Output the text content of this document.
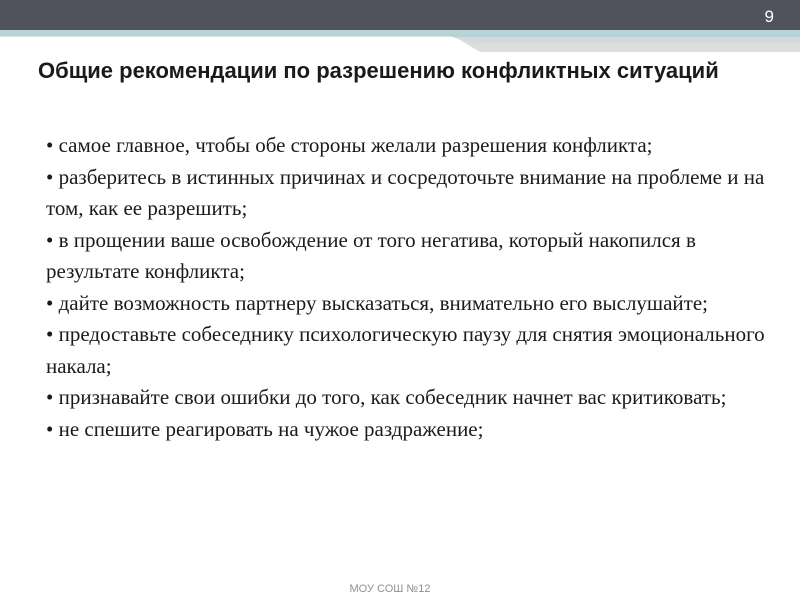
9
Общие рекомендации по разрешению конфликтных ситуаций
• самое главное, чтобы обе стороны желали разрешения конфликта;
• разберитесь в истинных причинах и сосредоточьте внимание на проблеме и на том, как ее разрешить;
• в прощении ваше освобождение от того негатива, который накопился в результате конфликта;
• дайте возможность партнеру высказаться, внимательно его выслушайте;
• предоставьте собеседнику психологическую паузу для снятия эмоционального накала;
• признавайте свои ошибки до того, как собеседник начнет вас критиковать;
• не спешите реагировать на чужое раздражение;
МОУ СОШ №12
